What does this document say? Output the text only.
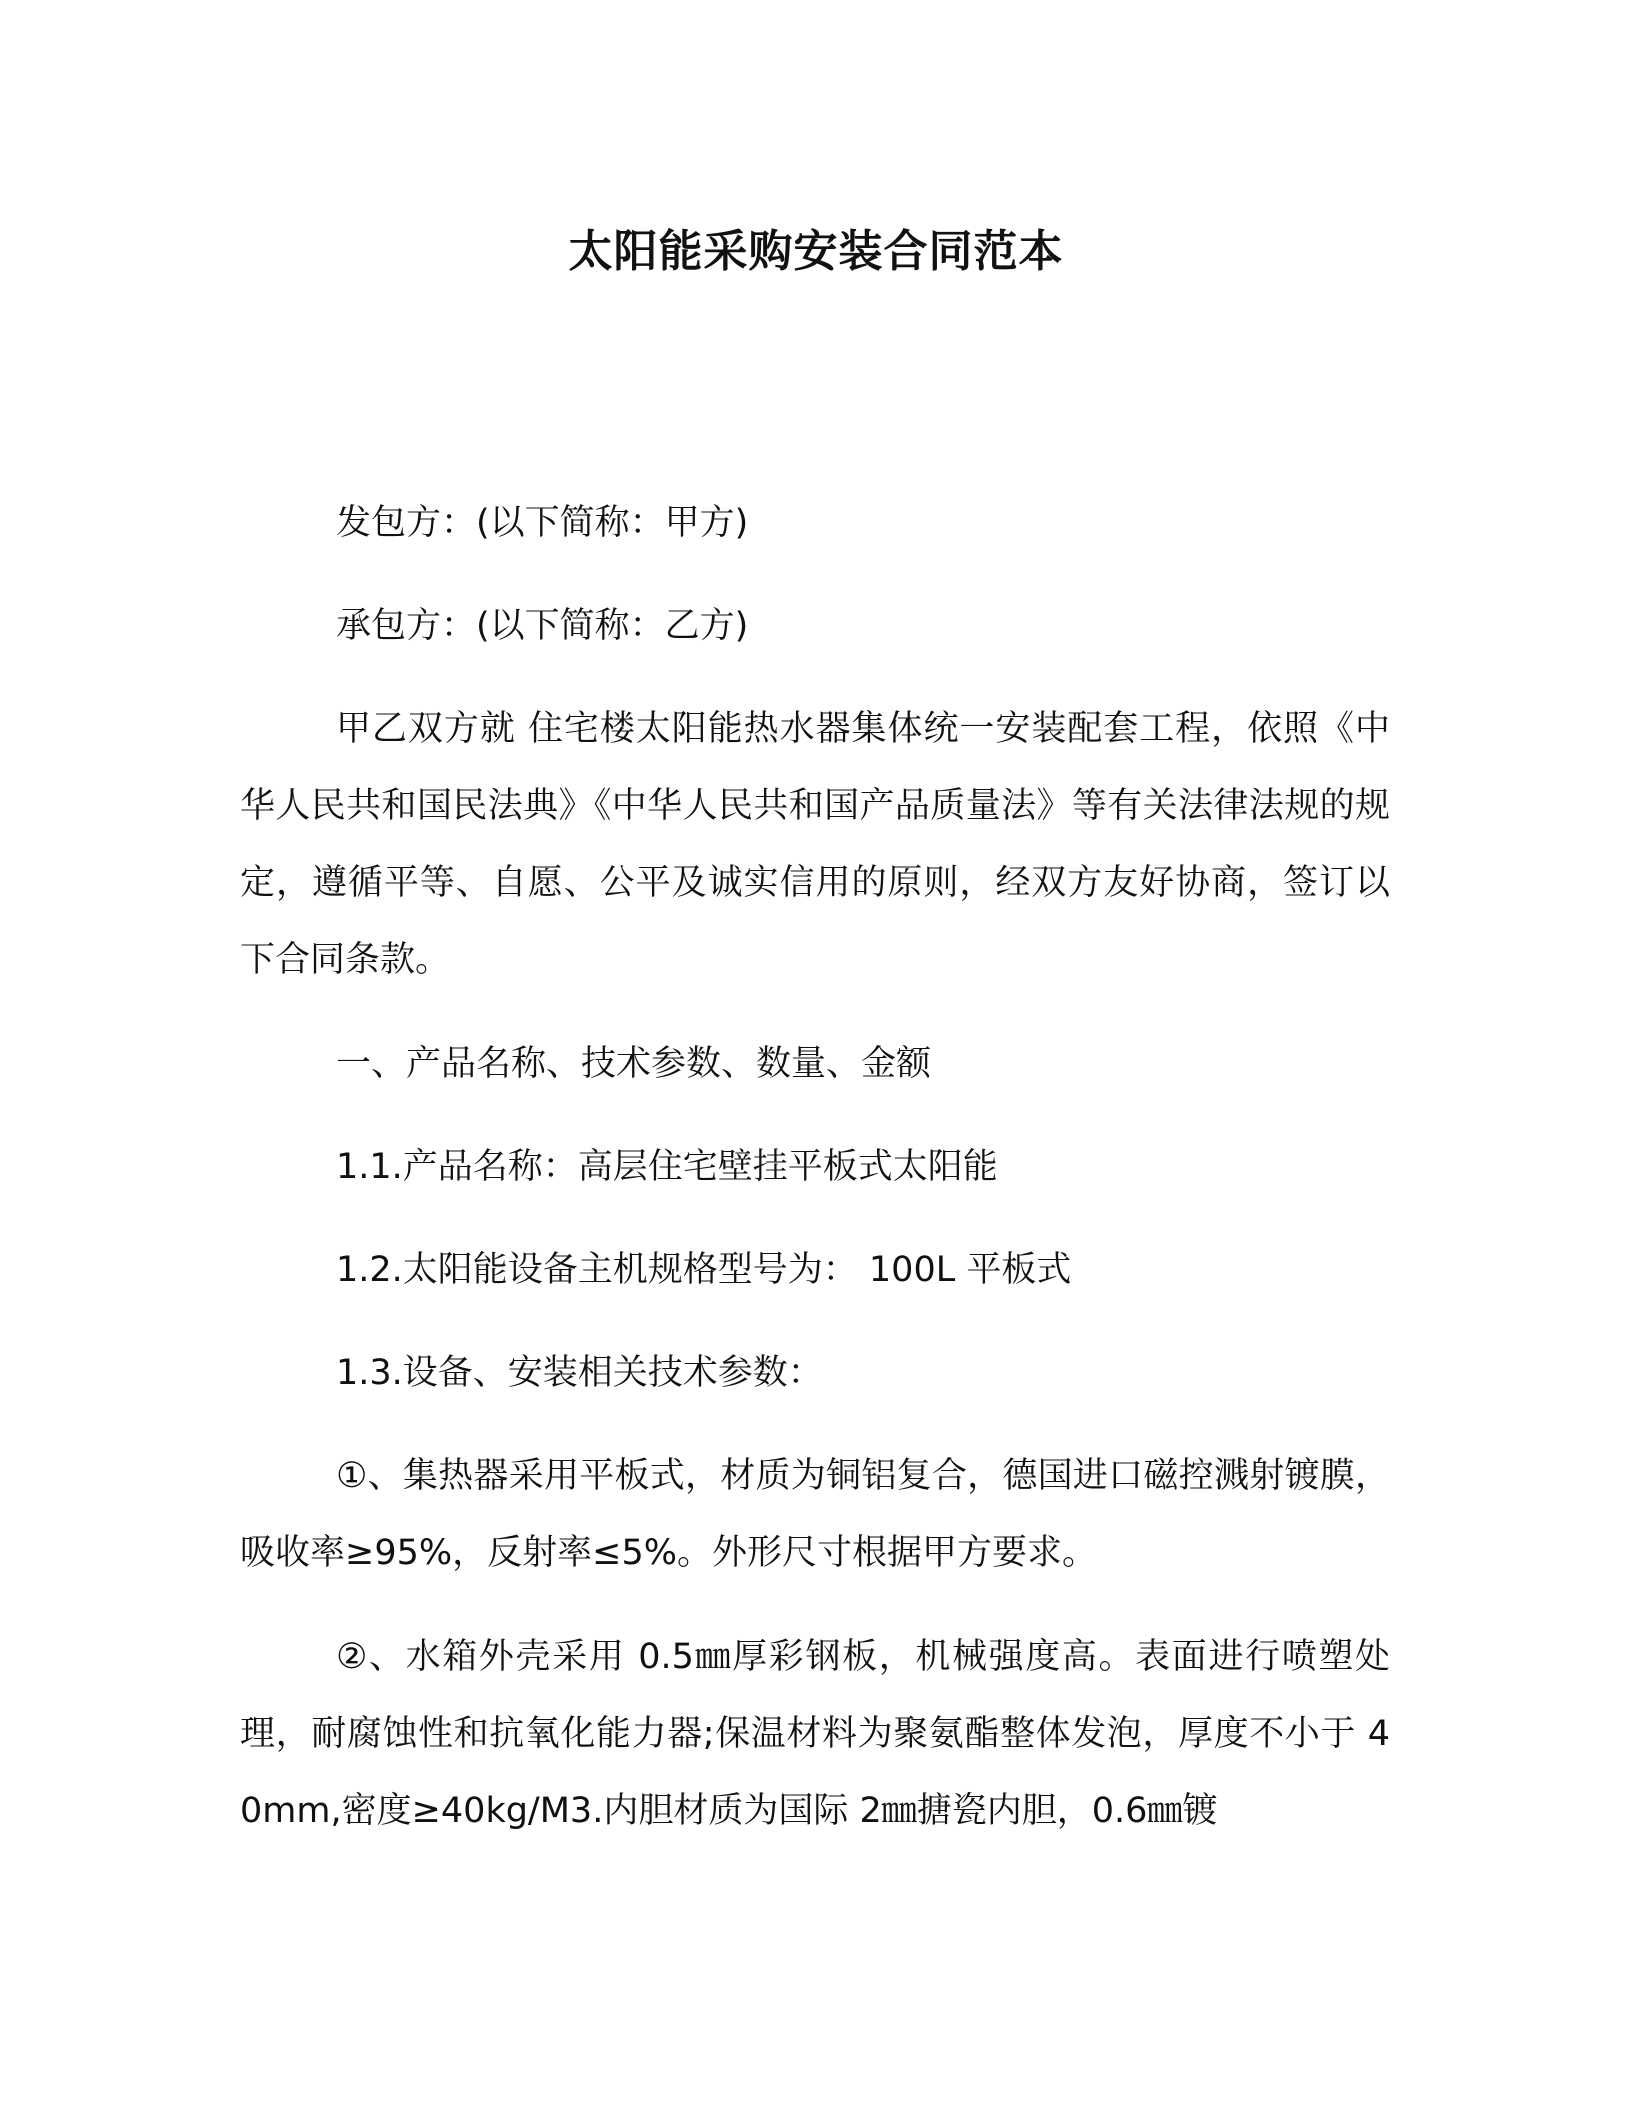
太阳能采购安装合同范本

发包方：(以下简称：甲方)

承包方：(以下简称：乙方)

甲乙双方就 住宅楼太阳能热水器集体统一安装配套工程，依照《中华人民共和国民法典》《中华人民共和国产品质量法》等有关法律法规的规定，遵循平等、自愿、公平及诚实信用的原则，经双方友好协商，签订以下合同条款。

一、产品名称、技术参数、数量、金额

1.1.产品名称：高层住宅壁挂平板式太阳能

1.2.太阳能设备主机规格型号为： 100L 平板式

1.3.设备、安装相关技术参数：

①、集热器采用平板式，材质为铜铝复合，德国进口磁控溅射镀膜，吸收率≥95%，反射率≤5%。外形尺寸根据甲方要求。

②、水箱外壳采用 0.5㎜厚彩钢板，机械强度高。表面进行喷塑处理，耐腐蚀性和抗氧化能力器;保温材料为聚氨酯整体发泡，厚度不小于 40mm,密度≥40kg/M3.内胆材质为国际 2㎜搪瓷内胆，0.6㎜镀
